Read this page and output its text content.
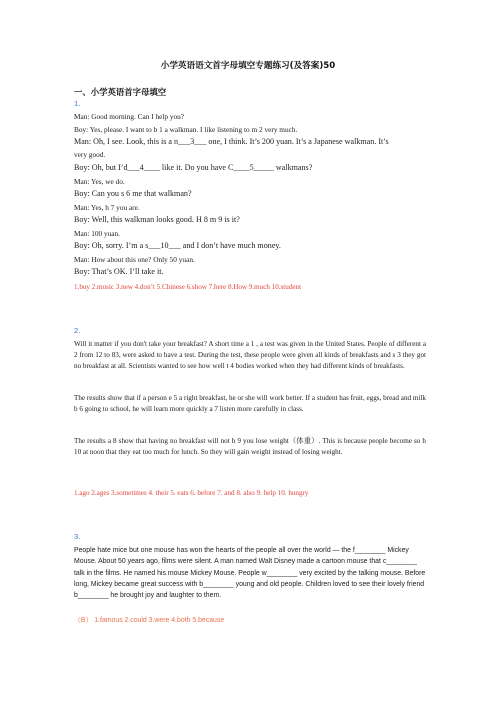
小学英语语文首字母填空专题练习(及答案)50
一、小学英语首字母填空
1.
Man: Good morning. Can I help you?
Boy: Yes, please. I want to b 1 a walkman. I like listening to m 2 very much.
Man: Oh, I see. Look, this is a n___3___ one, I think. It’s 200 yuan. It’s a Japanese walkman. It’s
very good.
Boy: Oh, but I’d___4____ like it. Do you have C____5_____ walkmans?
Man: Yes, we do.
Boy: Can you s 6 me that walkman?
Man: Yes, h 7 you are.
Boy: Well, this walkman looks good. H 8 m 9 is it?
Man: 100 yuan.
Boy: Oh, sorry. I’m a s___10___ and I don’t have much money.
Man: How about this one? Only 50 yuan.
Boy: That’s OK. I’ll take it.
1.buy 2.music 3.new 4.don’t 5.Chinese 6.show 7.here 8.How 9.much 10.student
2.
Will it matter if you don't take your breakfast? A short time a 1 , a test was given in the United States. People of different a 2 from 12 to 83, were asked to have a test. During the test, these people were given all kinds of breakfasts and s 3 they got no breakfast at all. Scientists wanted to see how well t 4 bodies worked when they had different kinds of breakfasts.
The results show that if a person e 5 a right breakfast, he or she will work better. If a student has fruit, eggs, bread and milk b 6 going to school, he will learn more quickly a 7 listen more carefully in class.
The results a 8 show that having no breakfast will not h 9 you lose weight（体重）. This is because people become so h 10 at noon that they eat too much for lunch. So they will gain weight instead of losing weight.
1.ago 2.ages 3.sometimes 4. their 5. eats 6. before 7. and 8. also 9. help 10. hungry
3.
People hate mice but one mouse has won the hearts of the people all over the world — the f________ Mickey Mouse. About 50 years ago, films were silent. A man named Walt Disney made a cartoon mouse that c________ talk in the films. He named his mouse Mickey Mouse. People w________ very excited by the talking mouse. Before long, Mickey became great success with b________ young and old people. Children loved to see their lovely friend b________ he brought joy and laughter to them.
（B） 1.famous 2.could 3.were 4.both 5.because
